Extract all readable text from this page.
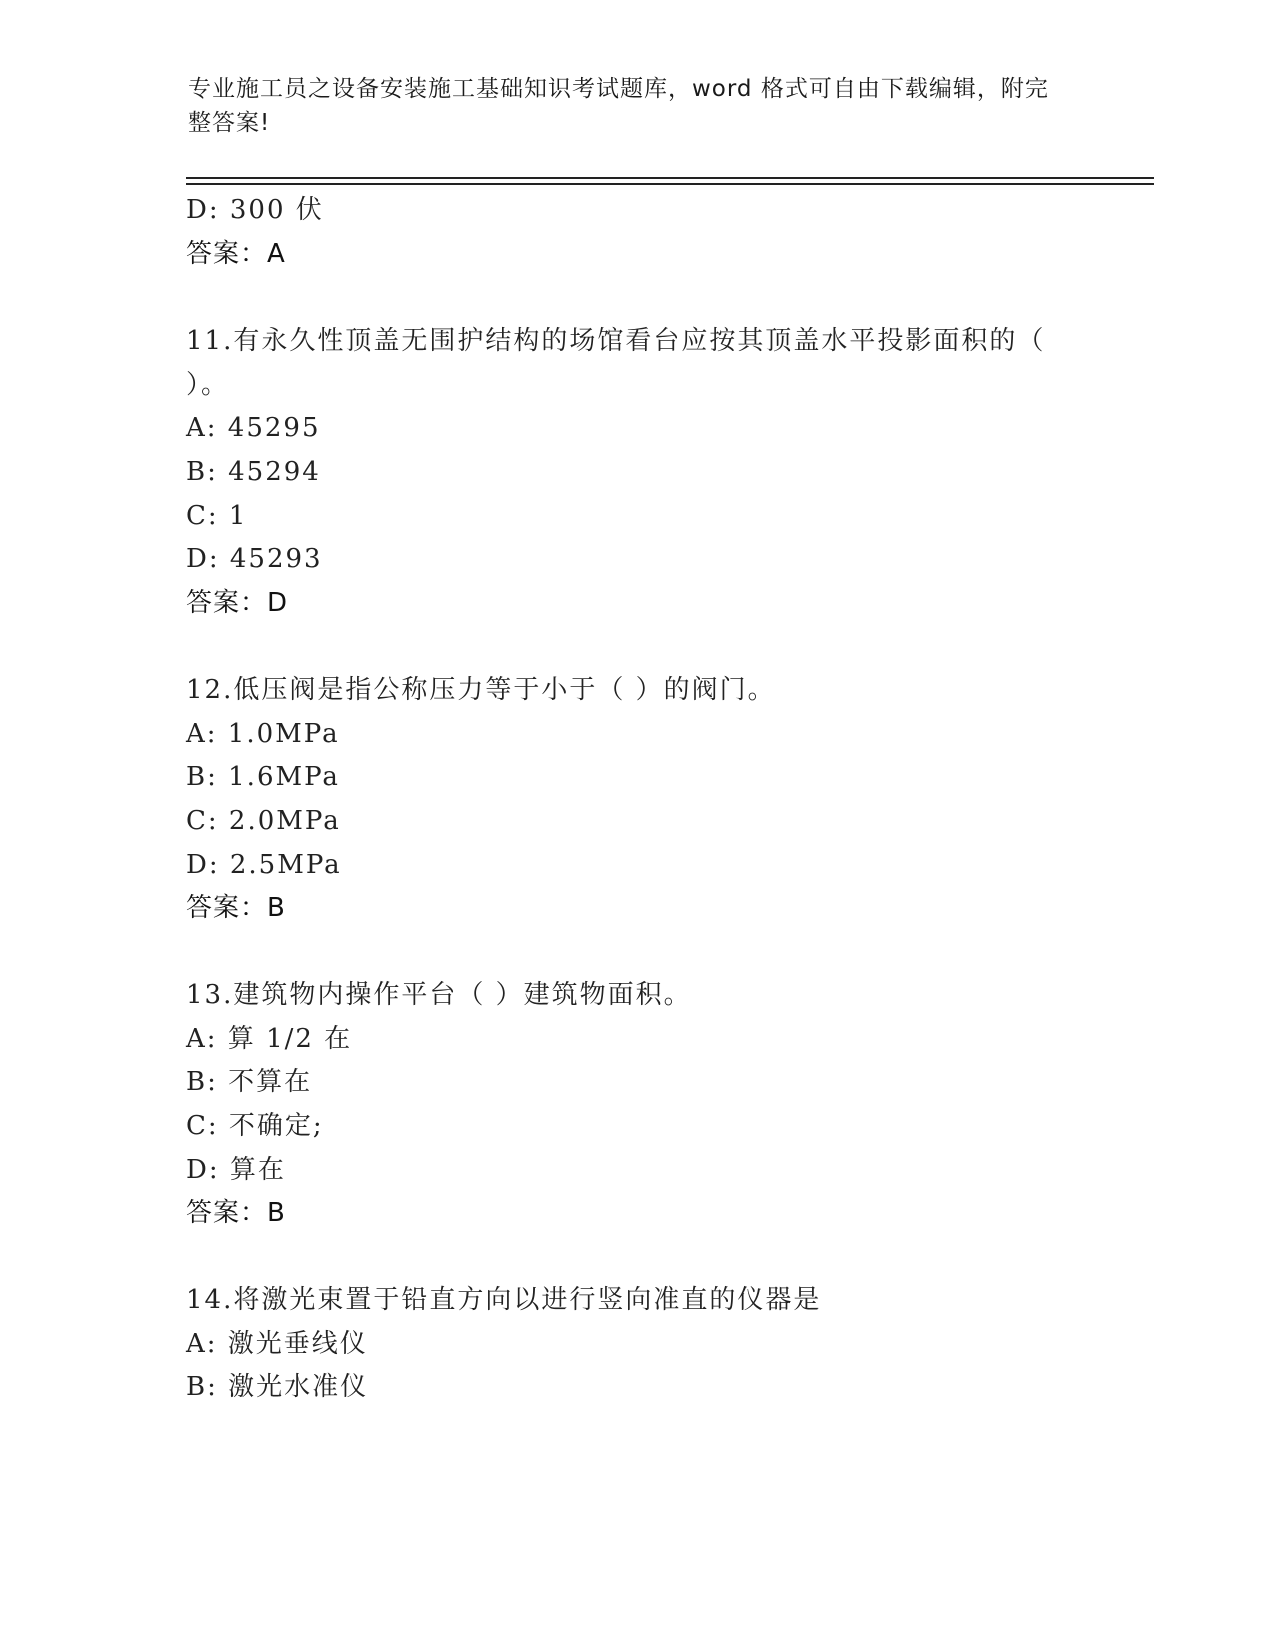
专业施工员之设备安装施工基础知识考试题库，word 格式可自由下载编辑，附完
整答案!
D: 300 伏
答案：A
11.有永久性顶盖无围护结构的场馆看台应按其顶盖水平投影面积的（
）。
A: 45295
B: 45294
C: 1
D: 45293
答案：D
12.低压阀是指公称压力等于小于（ ）的阀门。
A: 1.0MPa
B: 1.6MPa
C: 2.0MPa
D: 2.5MPa
答案：B
13.建筑物内操作平台（ ）建筑物面积。
A: 算 1/2 在
B: 不算在
C: 不确定;
D: 算在
答案：B
14.将激光束置于铅直方向以进行竖向准直的仪器是
A: 激光垂线仪
B: 激光水准仪
